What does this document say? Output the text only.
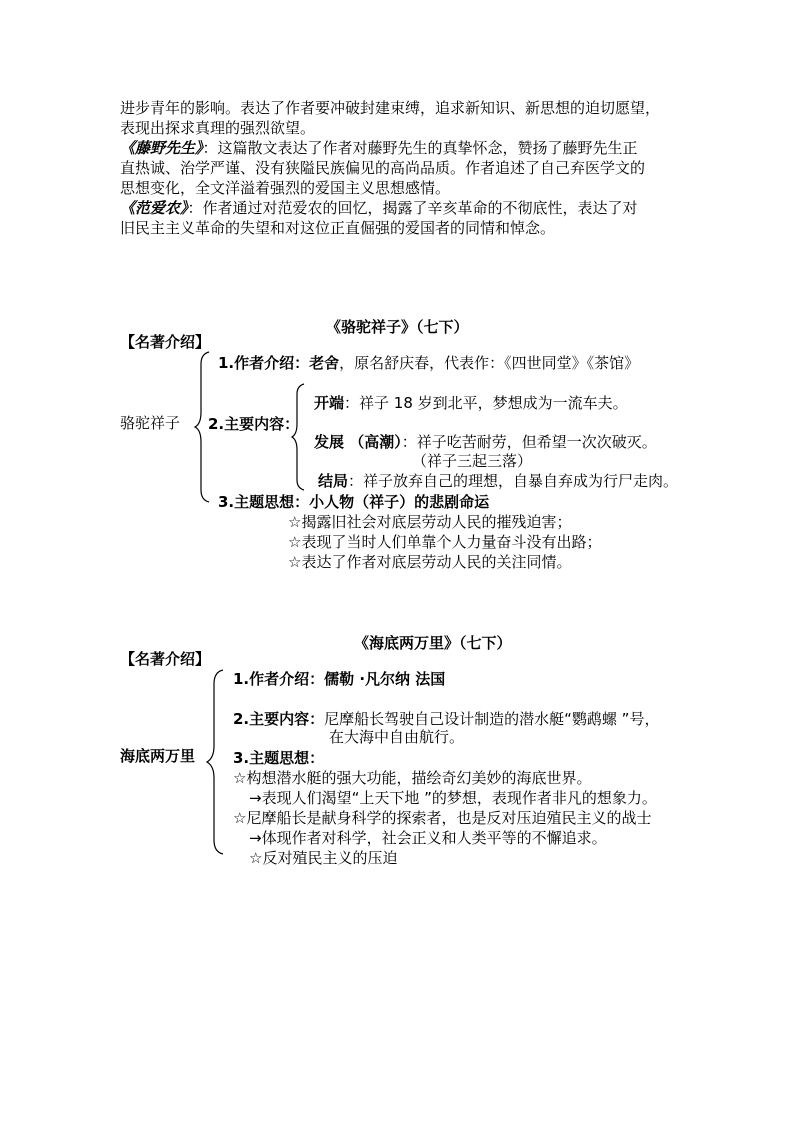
进步青年的影响。表达了作者要冲破封建束缚，追求新知识、新思想的迫切愿望，
表现出探求真理的强烈欲望。
《藤野先生》：这篇散文表达了作者对藤野先生的真挚怀念，赞扬了藤野先生正
直热诚、治学严谨、没有狭隘民族偏见的高尚品质。作者追述了自己弃医学文的
思想变化，全文洋溢着强烈的爱国主义思想感情。
《范爱农》：作者通过对范爱农的回忆，揭露了辛亥革命的不彻底性，表达了对
旧民主主义革命的失望和对这位正直倔强的爱国者的同情和悼念。
《骆驼祥子》（七下）
【名著介绍】
骆驼祥子
1.作者介绍：老舍，原名舒庆春，代表作：《四世同堂》《茶馆》
2.主要内容：
开端：祥子 18 岁到北平，梦想成为一流车夫。
发展 （高潮）：祥子吃苦耐劳，但希望一次次破灭。
（祥子三起三落）
结局：祥子放弃自己的理想，自暴自弃成为行尸走肉。
3.主题思想：小人物（祥子）的悲剧命运
☆揭露旧社会对底层劳动人民的摧残迫害；
☆表现了当时人们单靠个人力量奋斗没有出路；
☆表达了作者对底层劳动人民的关注同情。
《海底两万里》（七下）
【名著介绍】
海底两万里
1.作者介绍：儒勒 ·凡尔纳 法国
2.主要内容：尼摩船长驾驶自己设计制造的潜水艇“鹦鹉螺 ”号，
在大海中自由航行。
3.主题思想：
☆构想潜水艇的强大功能，描绘奇幻美妙的海底世界。
→表现人们渴望“上天下地 ”的梦想，表现作者非凡的想象力。
☆尼摩船长是献身科学的探索者，也是反对压迫殖民主义的战士
→体现作者对科学，社会正义和人类平等的不懈追求。
☆反对殖民主义的压迫
